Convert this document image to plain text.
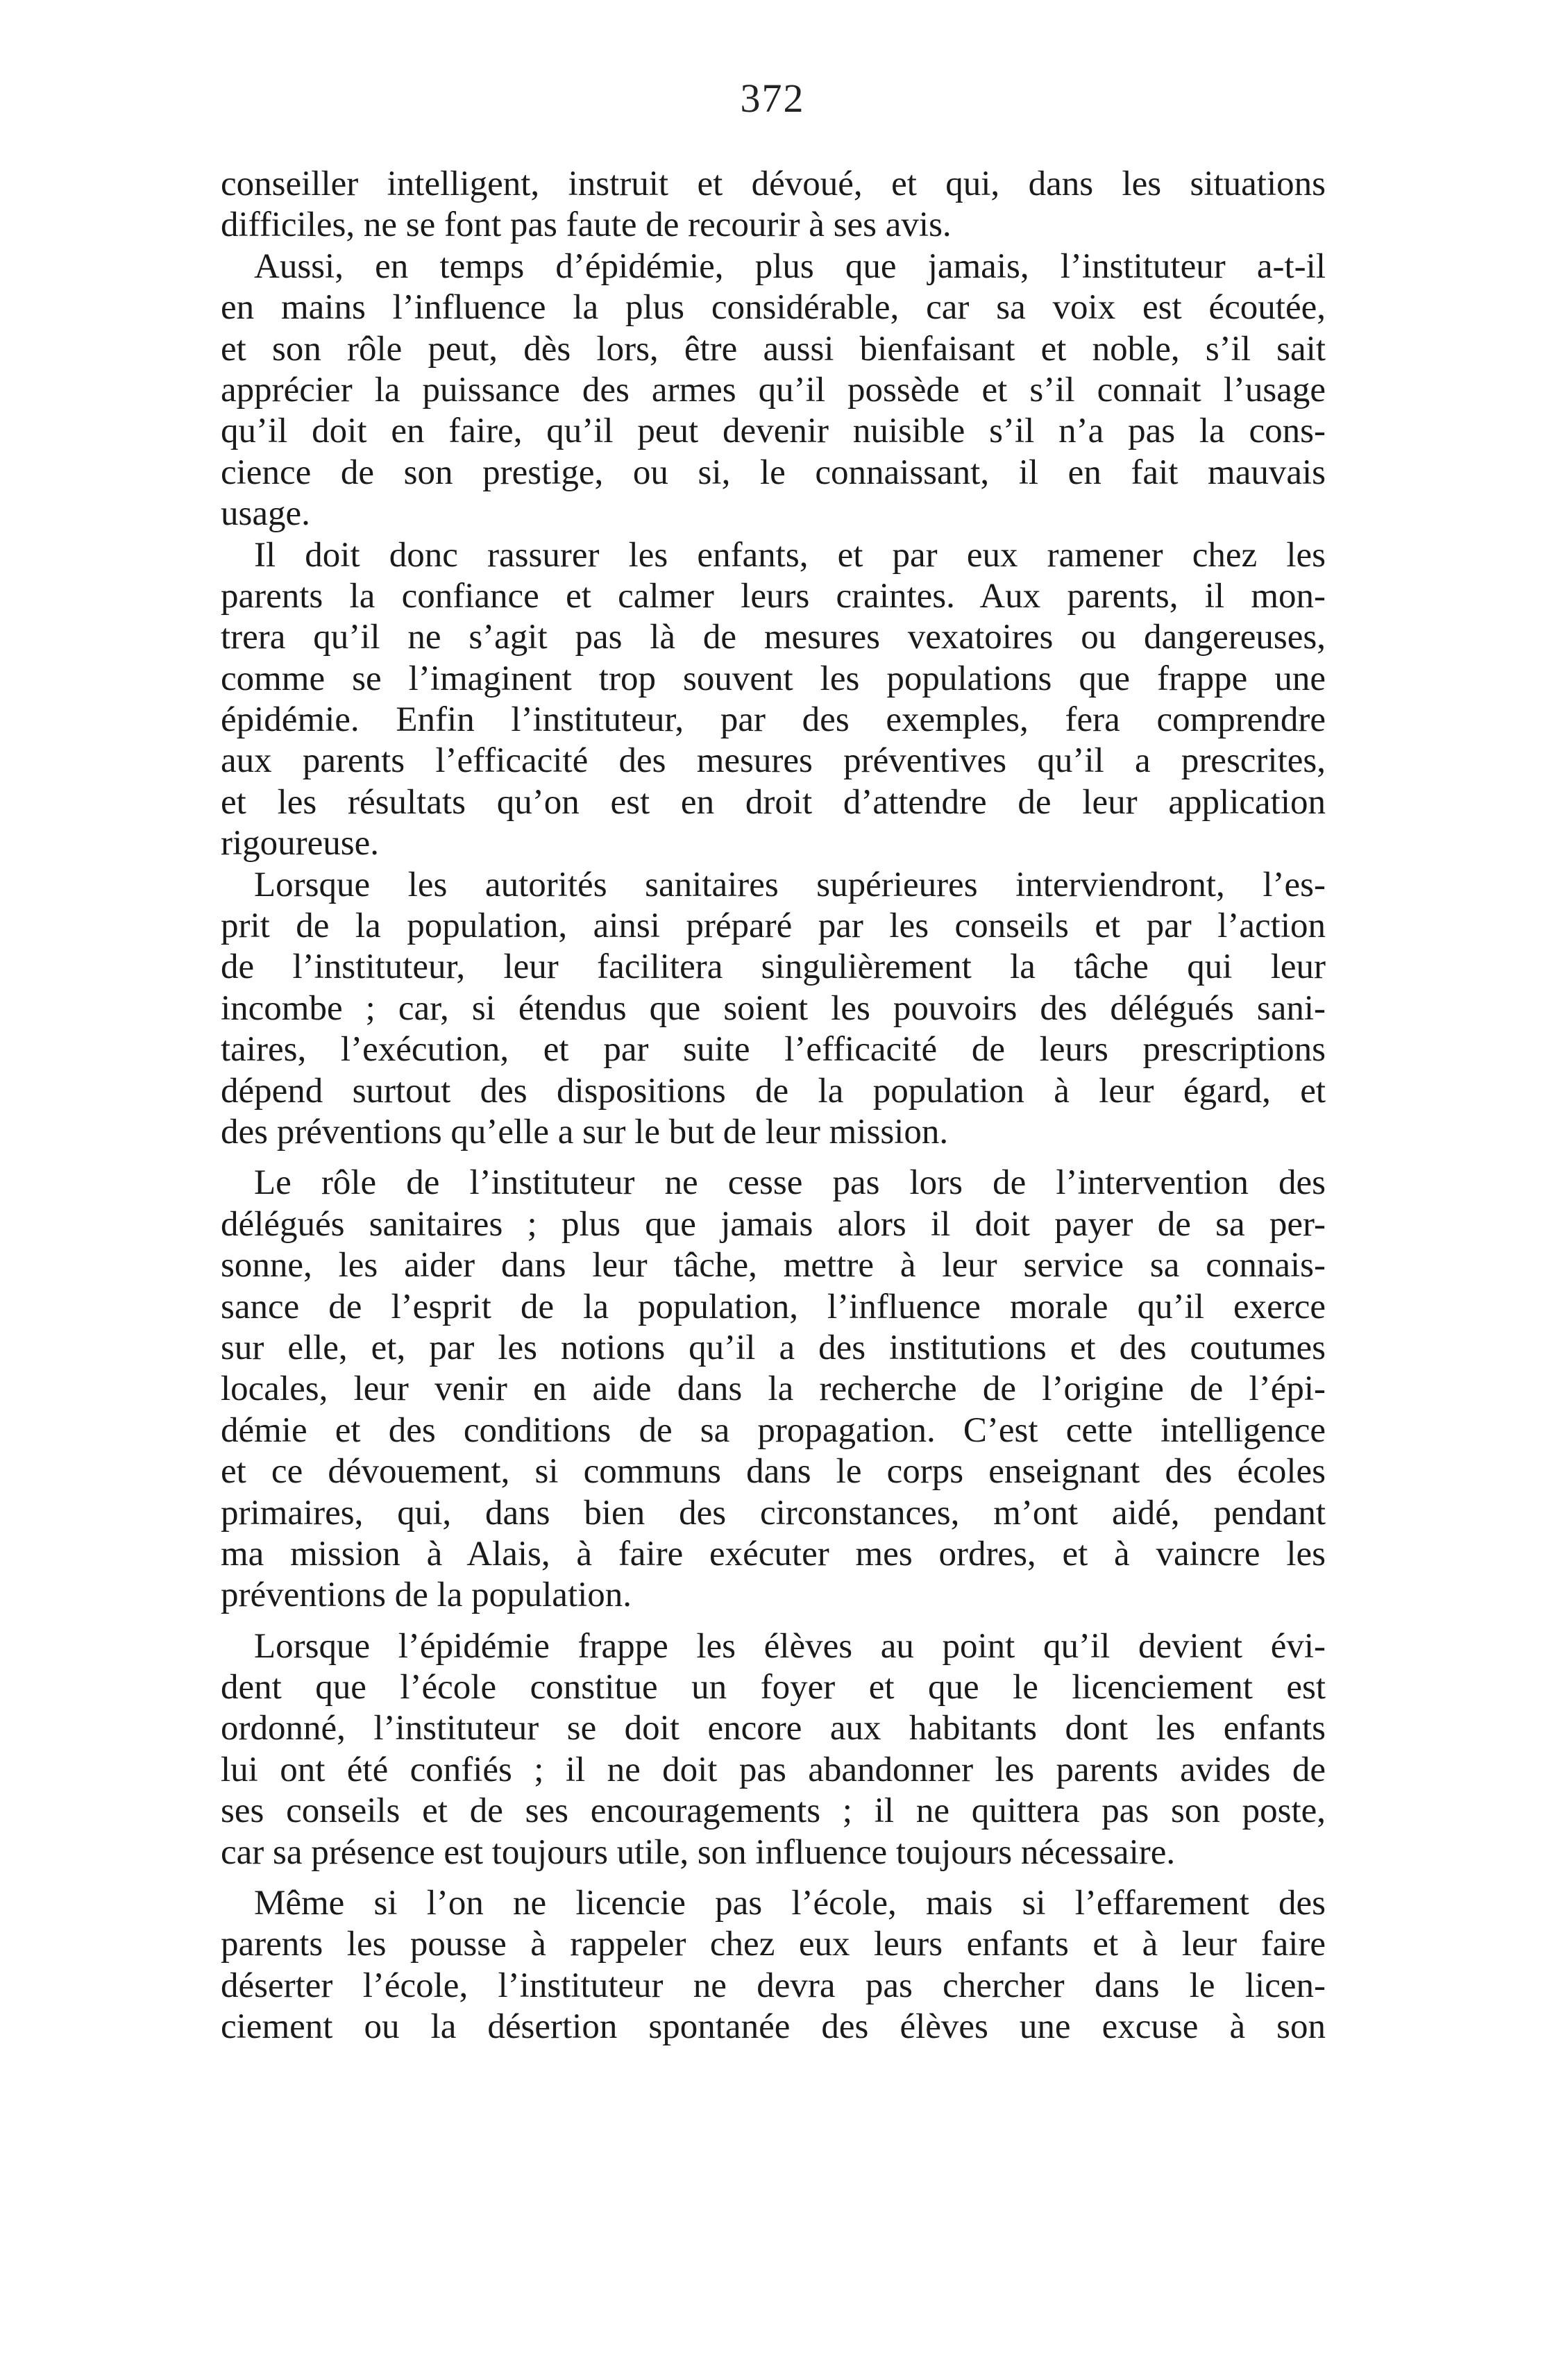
372
conseiller intelligent, instruit et dévoué, et qui, dans les situations
difficiles, ne se font pas faute de recourir à ses avis.
Aussi, en temps d’épidémie, plus que jamais, l’instituteur a-t-il
en mains l’influence la plus considérable, car sa voix est écoutée,
et son rôle peut, dès lors, être aussi bienfaisant et noble, s’il sait
apprécier la puissance des armes qu’il possède et s’il connait l’usage
qu’il doit en faire, qu’il peut devenir nuisible s’il n’a pas la cons-
cience de son prestige, ou si, le connaissant, il en fait mauvais
usage.
Il doit donc rassurer les enfants, et par eux ramener chez les
parents la confiance et calmer leurs craintes. Aux parents, il mon-
trera qu’il ne s’agit pas là de mesures vexatoires ou dangereuses,
comme se l’imaginent trop souvent les populations que frappe une
épidémie. Enfin l’instituteur, par des exemples, fera comprendre
aux parents l’efficacité des mesures préventives qu’il a prescrites,
et les résultats qu’on est en droit d’attendre de leur application
rigoureuse.
Lorsque les autorités sanitaires supérieures interviendront, l’es-
prit de la population, ainsi préparé par les conseils et par l’action
de l’instituteur, leur facilitera singulièrement la tâche qui leur
incombe ; car, si étendus que soient les pouvoirs des délégués sani-
taires, l’exécution, et par suite l’efficacité de leurs prescriptions
dépend surtout des dispositions de la population à leur égard, et
des préventions qu’elle a sur le but de leur mission.
Le rôle de l’instituteur ne cesse pas lors de l’intervention des
délégués sanitaires ; plus que jamais alors il doit payer de sa per-
sonne, les aider dans leur tâche, mettre à leur service sa connais-
sance de l’esprit de la population, l’influence morale qu’il exerce
sur elle, et, par les notions qu’il a des institutions et des coutumes
locales, leur venir en aide dans la recherche de l’origine de l’épi-
démie et des conditions de sa propagation. C’est cette intelligence
et ce dévouement, si communs dans le corps enseignant des écoles
primaires, qui, dans bien des circonstances, m’ont aidé, pendant
ma mission à Alais, à faire exécuter mes ordres, et à vaincre les
préventions de la population.
Lorsque l’épidémie frappe les élèves au point qu’il devient évi-
dent que l’école constitue un foyer et que le licenciement est
ordonné, l’instituteur se doit encore aux habitants dont les enfants
lui ont été confiés ; il ne doit pas abandonner les parents avides de
ses conseils et de ses encouragements ; il ne quittera pas son poste,
car sa présence est toujours utile, son influence toujours nécessaire.
Même si l’on ne licencie pas l’école, mais si l’effarement des
parents les pousse à rappeler chez eux leurs enfants et à leur faire
déserter l’école, l’instituteur ne devra pas chercher dans le licen-
ciement ou la désertion spontanée des élèves une excuse à son
